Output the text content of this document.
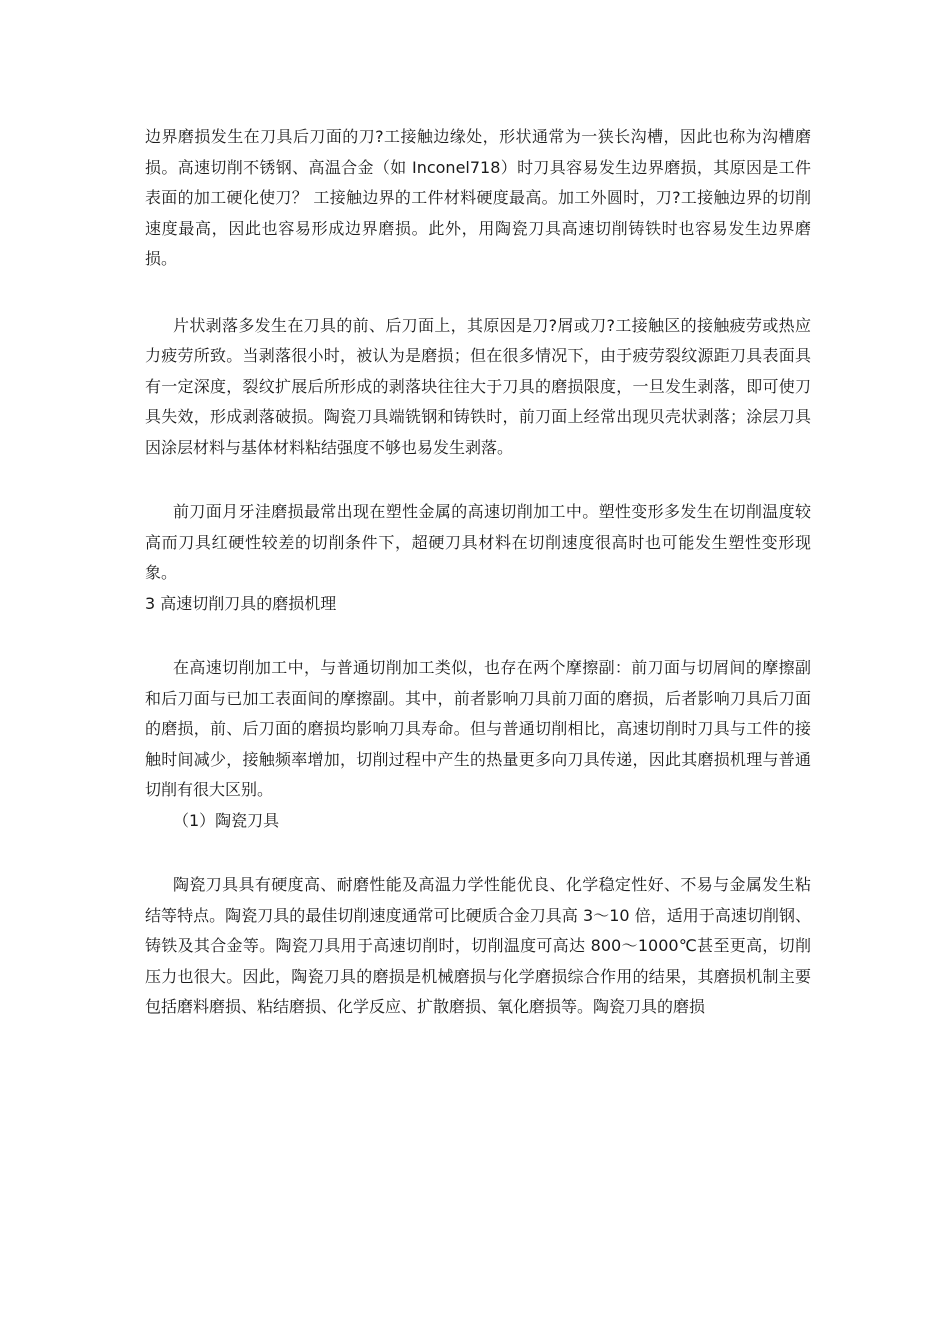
边界磨损发生在刀具后刀面的刀?工接触边缘处，形状通常为一狭长沟槽，因此也称为沟槽磨损。高速切削不锈钢、高温合金（如 Inconel718）时刀具容易发生边界磨损，其原因是工件表面的加工硬化使刀？ 工接触边界的工件材料硬度最高。加工外圆时，刀?工接触边界的切削速度最高，因此也容易形成边界磨损。此外，用陶瓷刀具高速切削铸铁时也容易发生边界磨损。

片状剥落多发生在刀具的前、后刀面上，其原因是刀?屑或刀?工接触区的接触疲劳或热应力疲劳所致。当剥落很小时，被认为是磨损；但在很多情况下，由于疲劳裂纹源距刀具表面具有一定深度，裂纹扩展后所形成的剥落块往往大于刀具的磨损限度，一旦发生剥落，即可使刀具失效，形成剥落破损。陶瓷刀具端铣钢和铸铁时，前刀面上经常出现贝壳状剥落；涂层刀具因涂层材料与基体材料粘结强度不够也易发生剥落。

前刀面月牙洼磨损最常出现在塑性金属的高速切削加工中。塑性变形多发生在切削温度较高而刀具红硬性较差的切削条件下，超硬刀具材料在切削速度很高时也可能发生塑性变形现象。

3 高速切削刀具的磨损机理

在高速切削加工中，与普通切削加工类似，也存在两个摩擦副：前刀面与切屑间的摩擦副和后刀面与已加工表面间的摩擦副。其中，前者影响刀具前刀面的磨损，后者影响刀具后刀面的磨损，前、后刀面的磨损均影响刀具寿命。但与普通切削相比，高速切削时刀具与工件的接触时间减少，接触频率增加，切削过程中产生的热量更多向刀具传递，因此其磨损机理与普通切削有很大区别。

（1）陶瓷刀具

陶瓷刀具具有硬度高、耐磨性能及高温力学性能优良、化学稳定性好、不易与金属发生粘结等特点。陶瓷刀具的最佳切削速度通常可比硬质合金刀具高 3～10 倍，适用于高速切削钢、铸铁及其合金等。陶瓷刀具用于高速切削时，切削温度可高达 800～1000℃甚至更高，切削压力也很大。因此，陶瓷刀具的磨损是机械磨损与化学磨损综合作用的结果，其磨损机制主要包括磨料磨损、粘结磨损、化学反应、扩散磨损、氧化磨损等。陶瓷刀具的磨损
